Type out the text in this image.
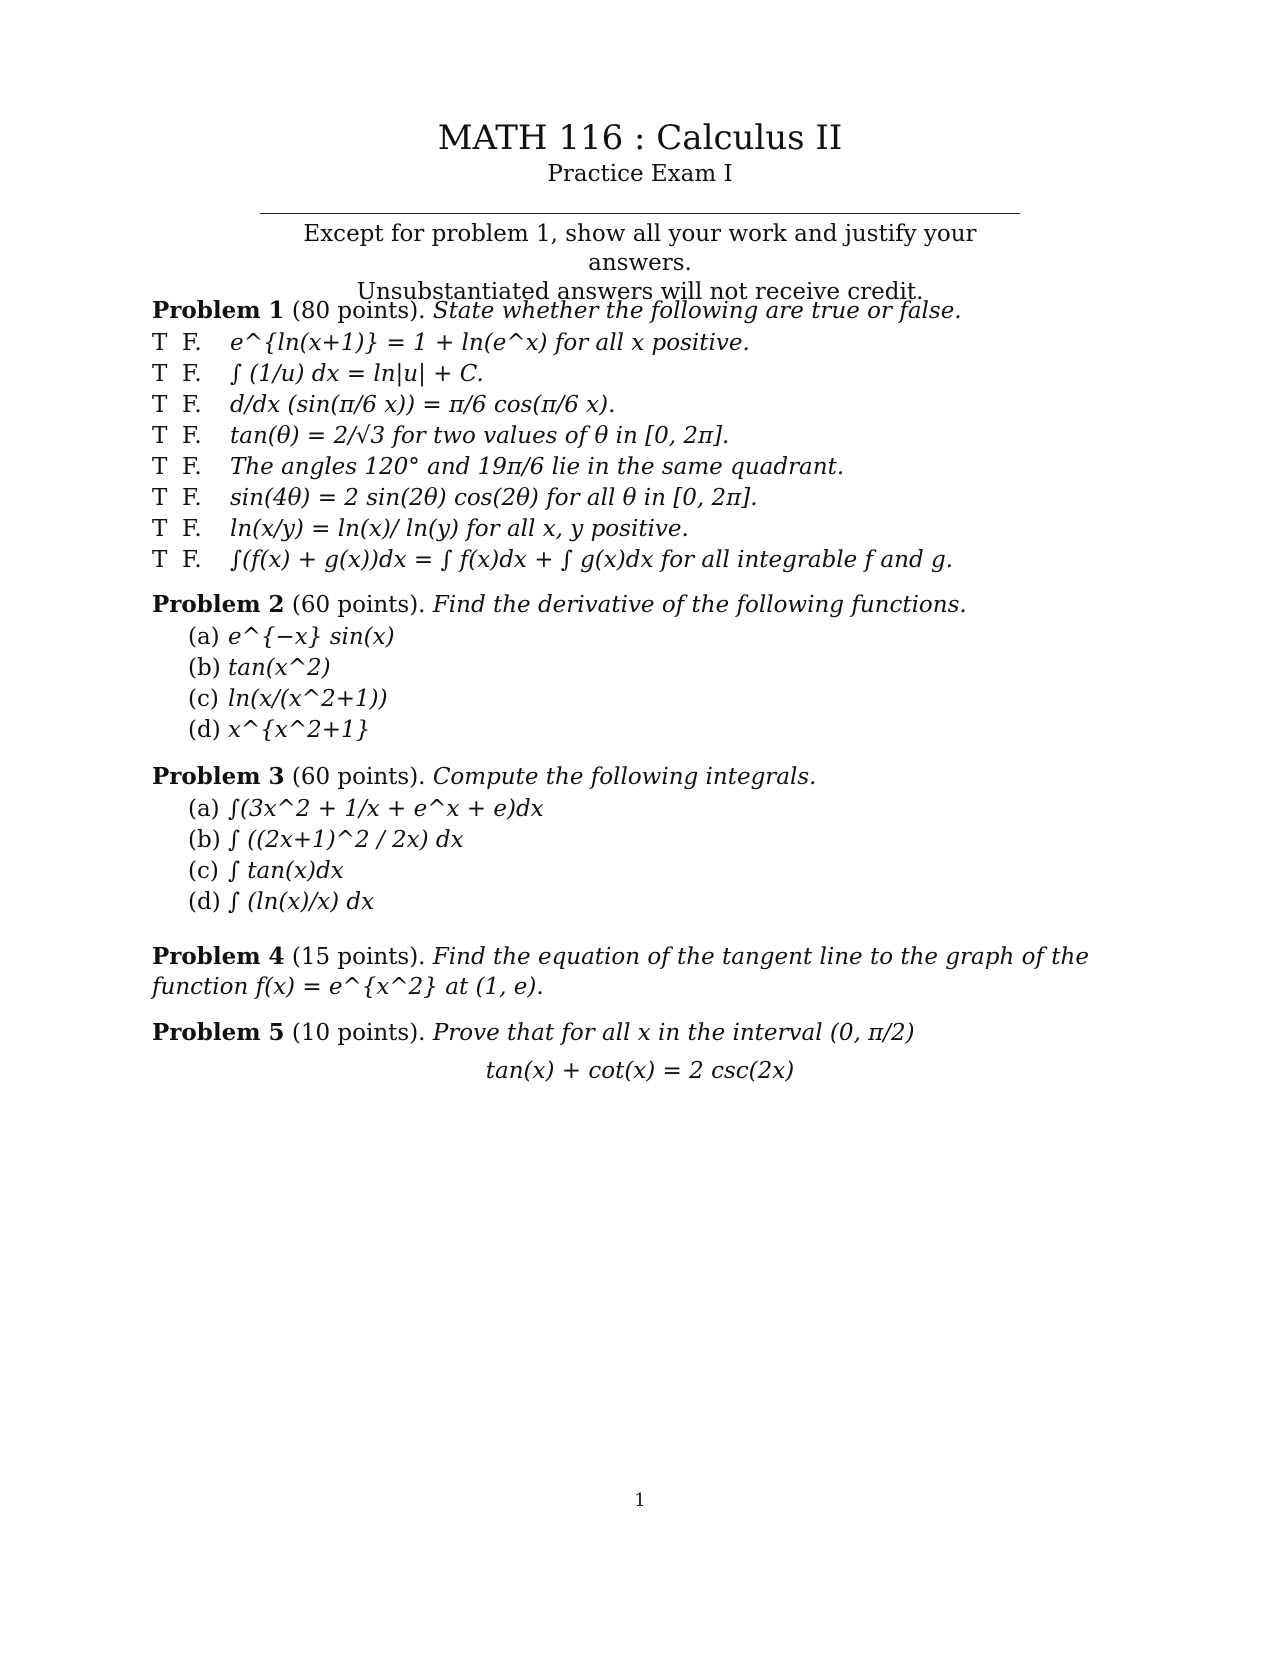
MATH 116 : Calculus II
Practice Exam I
Except for problem 1, show all your work and justify your answers.
Unsubstantiated answers will not receive credit.
Problem 1 (80 points). State whether the following are true or false.
T  F.	e^{ln(x+1)} = 1 + ln(e^x) for all x positive.
T  F.	∫ (1/u) dx = ln|u| + C.
T  F.	d/dx (sin(π/6 x)) = π/6 cos(π/6 x).
T  F.	tan(θ) = 2/√3 for two values of θ in [0, 2π].
T  F.	The angles 120° and 19π/6 lie in the same quadrant.
T  F.	sin(4θ) = 2 sin(2θ) cos(2θ) for all θ in [0, 2π].
T  F.	ln(x/y) = ln(x)/ ln(y) for all x, y positive.
T  F.	∫(f(x) + g(x))dx = ∫ f(x)dx + ∫ g(x)dx for all integrable f and g.
Problem 2 (60 points). Find the derivative of the following functions.
(a) e^{−x} sin(x)
(b) tan(x^2)
(c) ln(x/(x^2+1))
(d) x^{x^2+1}
Problem 3 (60 points). Compute the following integrals.
(a) ∫(3x^2 + 1/x + e^x + e)dx
(b) ∫ ((2x+1)^2 / 2x) dx
(c) ∫ tan(x)dx
(d) ∫ (ln(x)/x) dx
Problem 4 (15 points). Find the equation of the tangent line to the graph of the function f(x) = e^{x^2} at (1, e).
Problem 5 (10 points). Prove that for all x in the interval (0, π/2)
tan(x) + cot(x) = 2 csc(2x)
1
